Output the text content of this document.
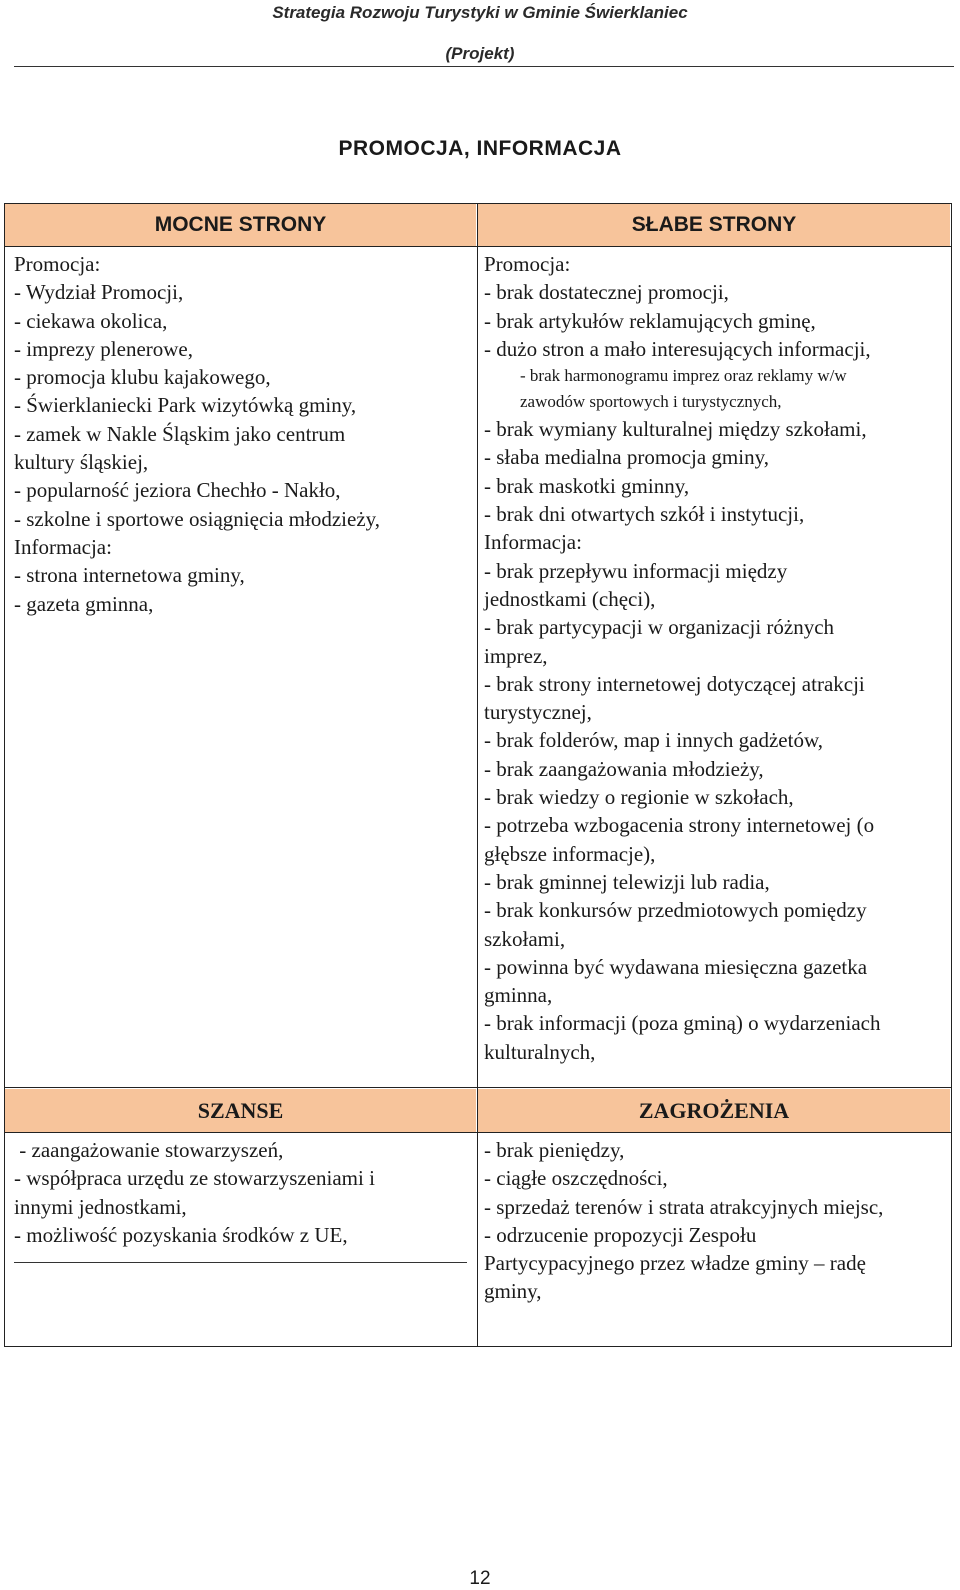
Strategia Rozwoju Turystyki w Gminie Świerklaniec
(Projekt)
PROMOCJA, INFORMACJA
MOCNE STRONY	SŁABE STRONY
SZANSE	ZAGROŻENIA
Promocja:
- Wydział Promocji,
- ciekawa okolica,
- imprezy plenerowe,
- promocja klubu kajakowego,
- Świerklaniecki Park wizytówką gminy,
- zamek w Nakle Śląskim jako centrum
kultury śląskiej,
- popularność jeziora Chechło - Nakło,
- szkolne i sportowe osiągnięcia młodzieży,
Informacja:
- strona internetowa gminy,
- gazeta gminna,
Promocja:
- brak dostatecznej promocji,
- brak artykułów reklamujących gminę,
- dużo stron a mało interesujących informacji,
- brak harmonogramu imprez oraz reklamy w/w
zawodów sportowych i turystycznych,
- brak wymiany kulturalnej między szkołami,
- słaba medialna promocja gminy,
- brak maskotki gminny,
- brak dni otwartych szkół i instytucji,
Informacja:
- brak przepływu informacji między
jednostkami (chęci),
- brak partycypacji w organizacji różnych
imprez,
- brak strony internetowej dotyczącej atrakcji
turystycznej,
- brak folderów, map i innych gadżetów,
- brak zaangażowania młodzieży,
- brak wiedzy o regionie w szkołach,
- potrzeba wzbogacenia strony internetowej (o
głębsze informacje),
- brak gminnej telewizji lub radia,
- brak konkursów przedmiotowych pomiędzy
szkołami,
- powinna być wydawana miesięczna gazetka
gminna,
- brak informacji (poza gminą) o wydarzeniach
kulturalnych,
- zaangażowanie stowarzyszeń,
- współpraca urzędu ze stowarzyszeniami i
innymi jednostkami,
- możliwość pozyskania środków z UE,
- brak pieniędzy,
- ciągłe oszczędności,
- sprzedaż terenów i strata atrakcyjnych miejsc,
- odrzucenie propozycji Zespołu
Partycypacyjnego przez władze gminy – radę
gminy,
12
